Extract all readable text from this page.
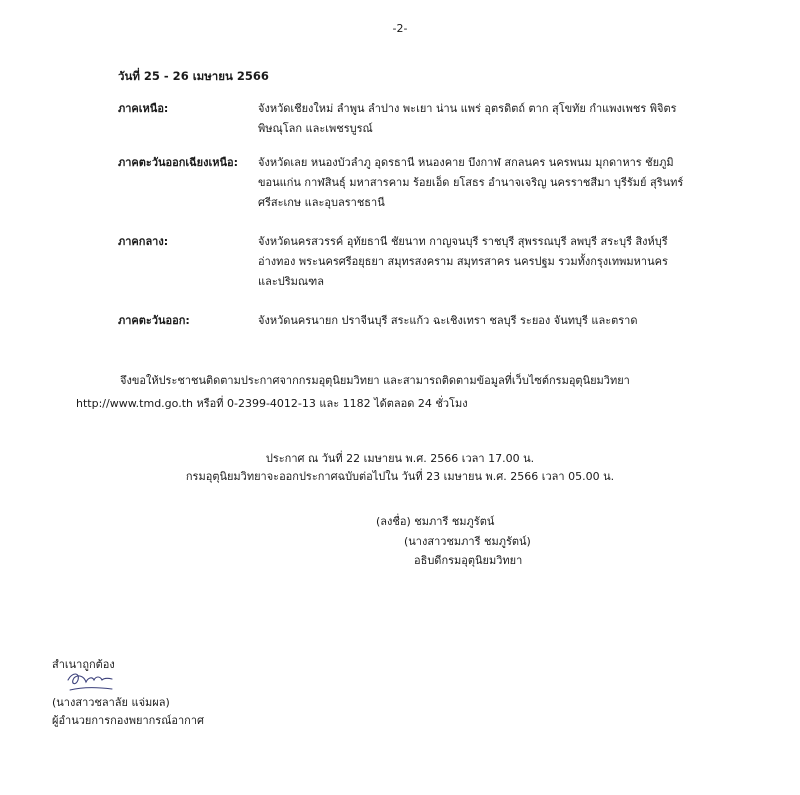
-2-
วันที่ 25 - 26 เมษายน 2566
ภาคเหนือ:	จังหวัดเชียงใหม่ ลำพูน ลำปาง พะเยา น่าน แพร่ อุตรดิตถ์ ตาก สุโขทัย กำแพงเพชร พิจิตร
พิษณุโลก และเพชรบูรณ์
ภาคตะวันออกเฉียงเหนือ: จังหวัดเลย หนองบัวลำภู อุดรธานี หนองคาย บึงกาฬ สกลนคร นครพนม มุกดาหาร ชัยภูมิ
ขอนแก่น กาฬสินธุ์ มหาสารคาม ร้อยเอ็ด ยโสธร อำนาจเจริญ นครราชสีมา บุรีรัมย์ สุรินทร์
ศรีสะเกษ และอุบลราชธานี
ภาคกลาง:	จังหวัดนครสวรรค์ อุทัยธานี ชัยนาท กาญจนบุรี ราชบุรี สุพรรณบุรี ลพบุรี สระบุรี สิงห์บุรี
อ่างทอง พระนครศรีอยุธยา สมุทรสงคราม สมุทรสาคร นครปฐม รวมทั้งกรุงเทพมหานคร
และปริมณฑล
ภาคตะวันออก:	จังหวัดนครนายก ปราจีนบุรี สระแก้ว ฉะเชิงเทรา ชลบุรี ระยอง จันทบุรี และตราด
จึงขอให้ประชาชนติดตามประกาศจากกรมอุตุนิยมวิทยา และสามารถติดตามข้อมูลที่เว็บไซต์กรมอุตุนิยมวิทยา
http://www.tmd.go.th หรือที่ 0-2399-4012-13 และ 1182 ได้ตลอด 24 ชั่วโมง
ประกาศ ณ วันที่ 22 เมษายน พ.ศ. 2566 เวลา 17.00 น.
กรมอุตุนิยมวิทยาจะออกประกาศฉบับต่อไปใน วันที่ 23 เมษายน พ.ศ. 2566 เวลา 05.00 น.
(ลงชื่อ) ชมภารี ชมภูรัตน์
(นางสาวชมภารี ชมภูรัตน์)
อธิบดีกรมอุตุนิยมวิทยา
สำเนาถูกต้อง
(นางสาวชลาลัย แจ่มผล)
ผู้อำนวยการกองพยากรณ์อากาศ
